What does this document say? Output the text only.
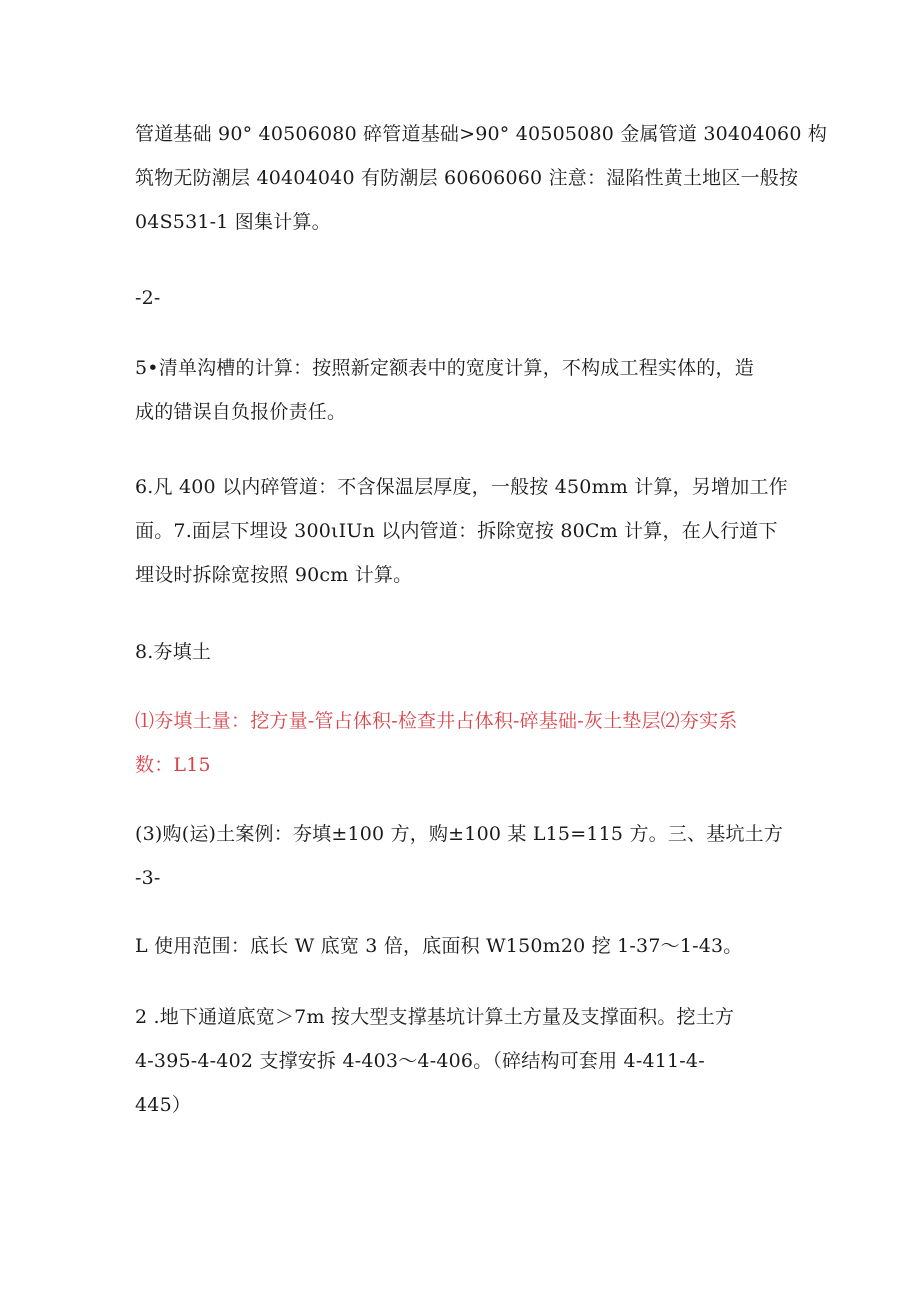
管道基础 90° 40506080 碎管道基础>90° 40505080 金属管道 30404060 构
筑物无防潮层 40404040 有防潮层 60606060 注意：湿陷性黄土地区一般按
04S531-1 图集计算。

-2-

5•清单沟槽的计算：按照新定额表中的宽度计算，不构成工程实体的，造
成的错误自负报价责任。

6.凡 400 以内碎管道：不含保温层厚度，一般按 450mm 计算，另增加工作
面。7.面层下埋设 300ιIUn 以内管道：拆除宽按 80Cm 计算，在人行道下
埋设时拆除宽按照 90cm 计算。

8.夯填土

⑴夯填土量：挖方量-管占体积-检查井占体积-碎基础-灰土垫层⑵夯实系
数：L15

(3)购(运)土案例：夯填±100 方，购±100 某 L15=115 方。三、基坑土方
-3-

L 使用范围：底长 W 底宽 3 倍，底面积 W150m20 挖 1-37～1-43。

2 .地下通道底宽＞7m 按大型支撑基坑计算土方量及支撑面积。挖土方
4-395-4-402 支撑安拆 4-403～4-406。（碎结构可套用 4-411-4-
445）
